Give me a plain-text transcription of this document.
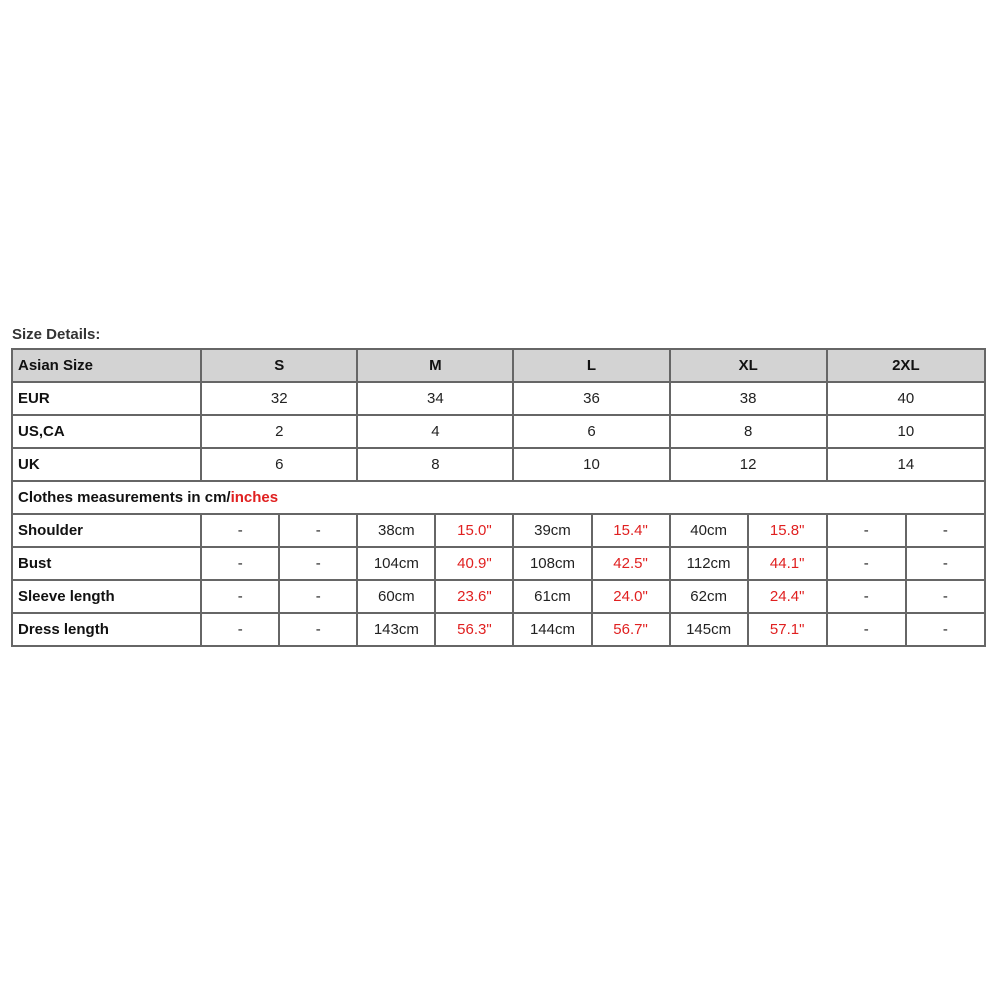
Size Details:
Asian Size	S		M		L		XL		2XL	
EUR	32		34		36		38		40	
US,CA	2		4		6		8		10	
UK	6		8		10		12		14	
Clothes measurements in cm/inches										
Shoulder	-	-	38cm	15.0"	39cm	15.4"	40cm	15.8"	-	-
Bust	-	-	104cm	40.9"	108cm	42.5"	112cm	44.1"	-	-
Sleeve length	-	-	60cm	23.6"	61cm	24.0"	62cm	24.4"	-	-
Dress length	-	-	143cm	56.3"	144cm	56.7"	145cm	57.1"	-	-
